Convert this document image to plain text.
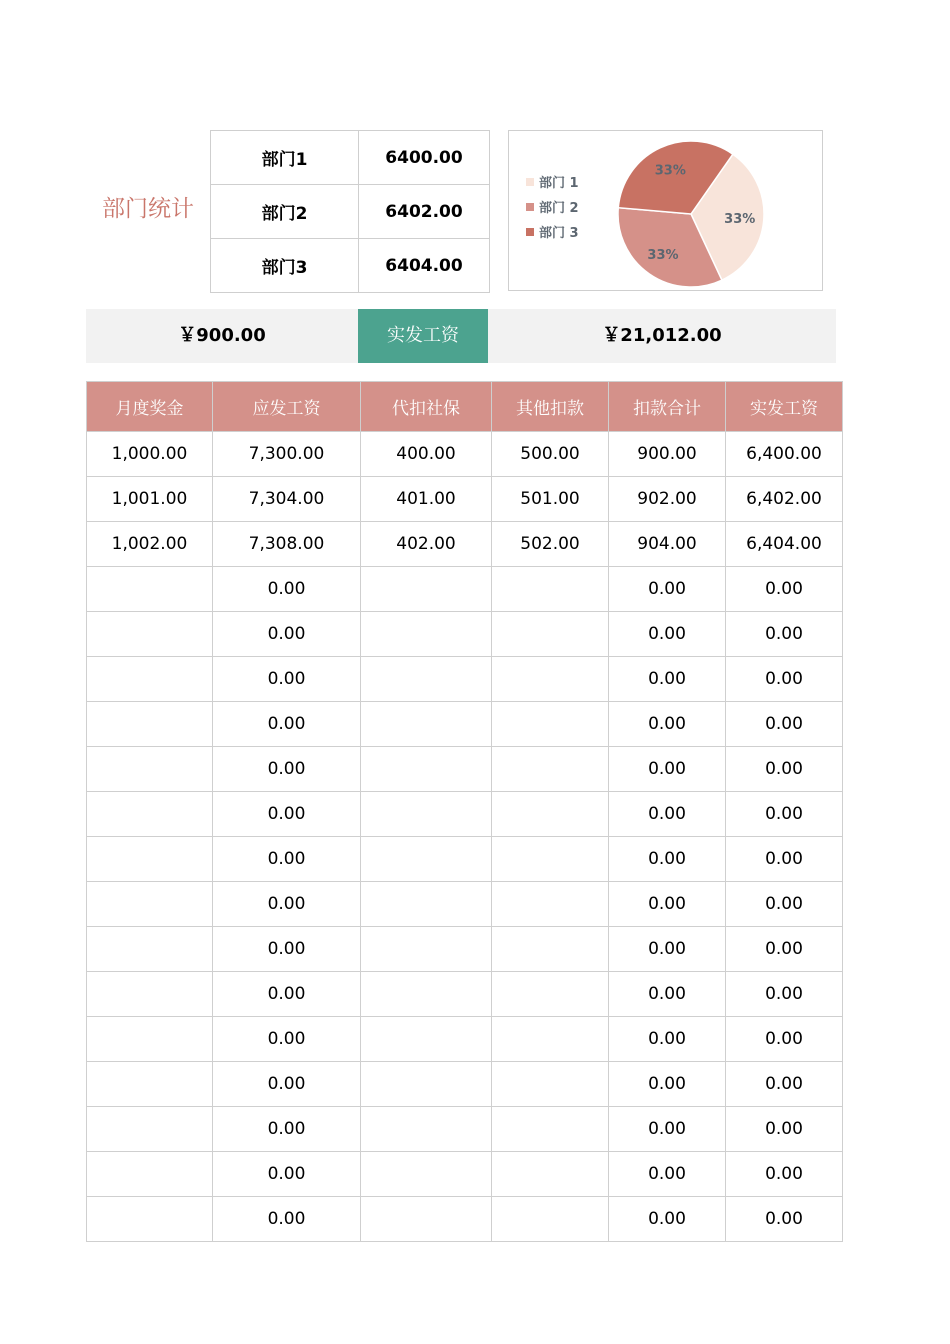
部门统计
部门1	6400.00
部门2	6402.00
部门3	6404.00
33%
33%
33%
部门 1
部门 2
部门 3
￥900.00	实发工资	￥21,012.00
月度奖金	应发工资	代扣社保	其他扣款	扣款合计	实发工资
1,000.00	7,300.00	400.00	500.00	900.00	6,400.00
1,001.00	7,304.00	401.00	501.00	902.00	6,402.00
1,002.00	7,308.00	402.00	502.00	904.00	6,404.00
	0.00			0.00	0.00
	0.00			0.00	0.00
	0.00			0.00	0.00
	0.00			0.00	0.00
	0.00			0.00	0.00
	0.00			0.00	0.00
	0.00			0.00	0.00
	0.00			0.00	0.00
	0.00			0.00	0.00
	0.00			0.00	0.00
	0.00			0.00	0.00
	0.00			0.00	0.00
	0.00			0.00	0.00
	0.00			0.00	0.00
	0.00			0.00	0.00
